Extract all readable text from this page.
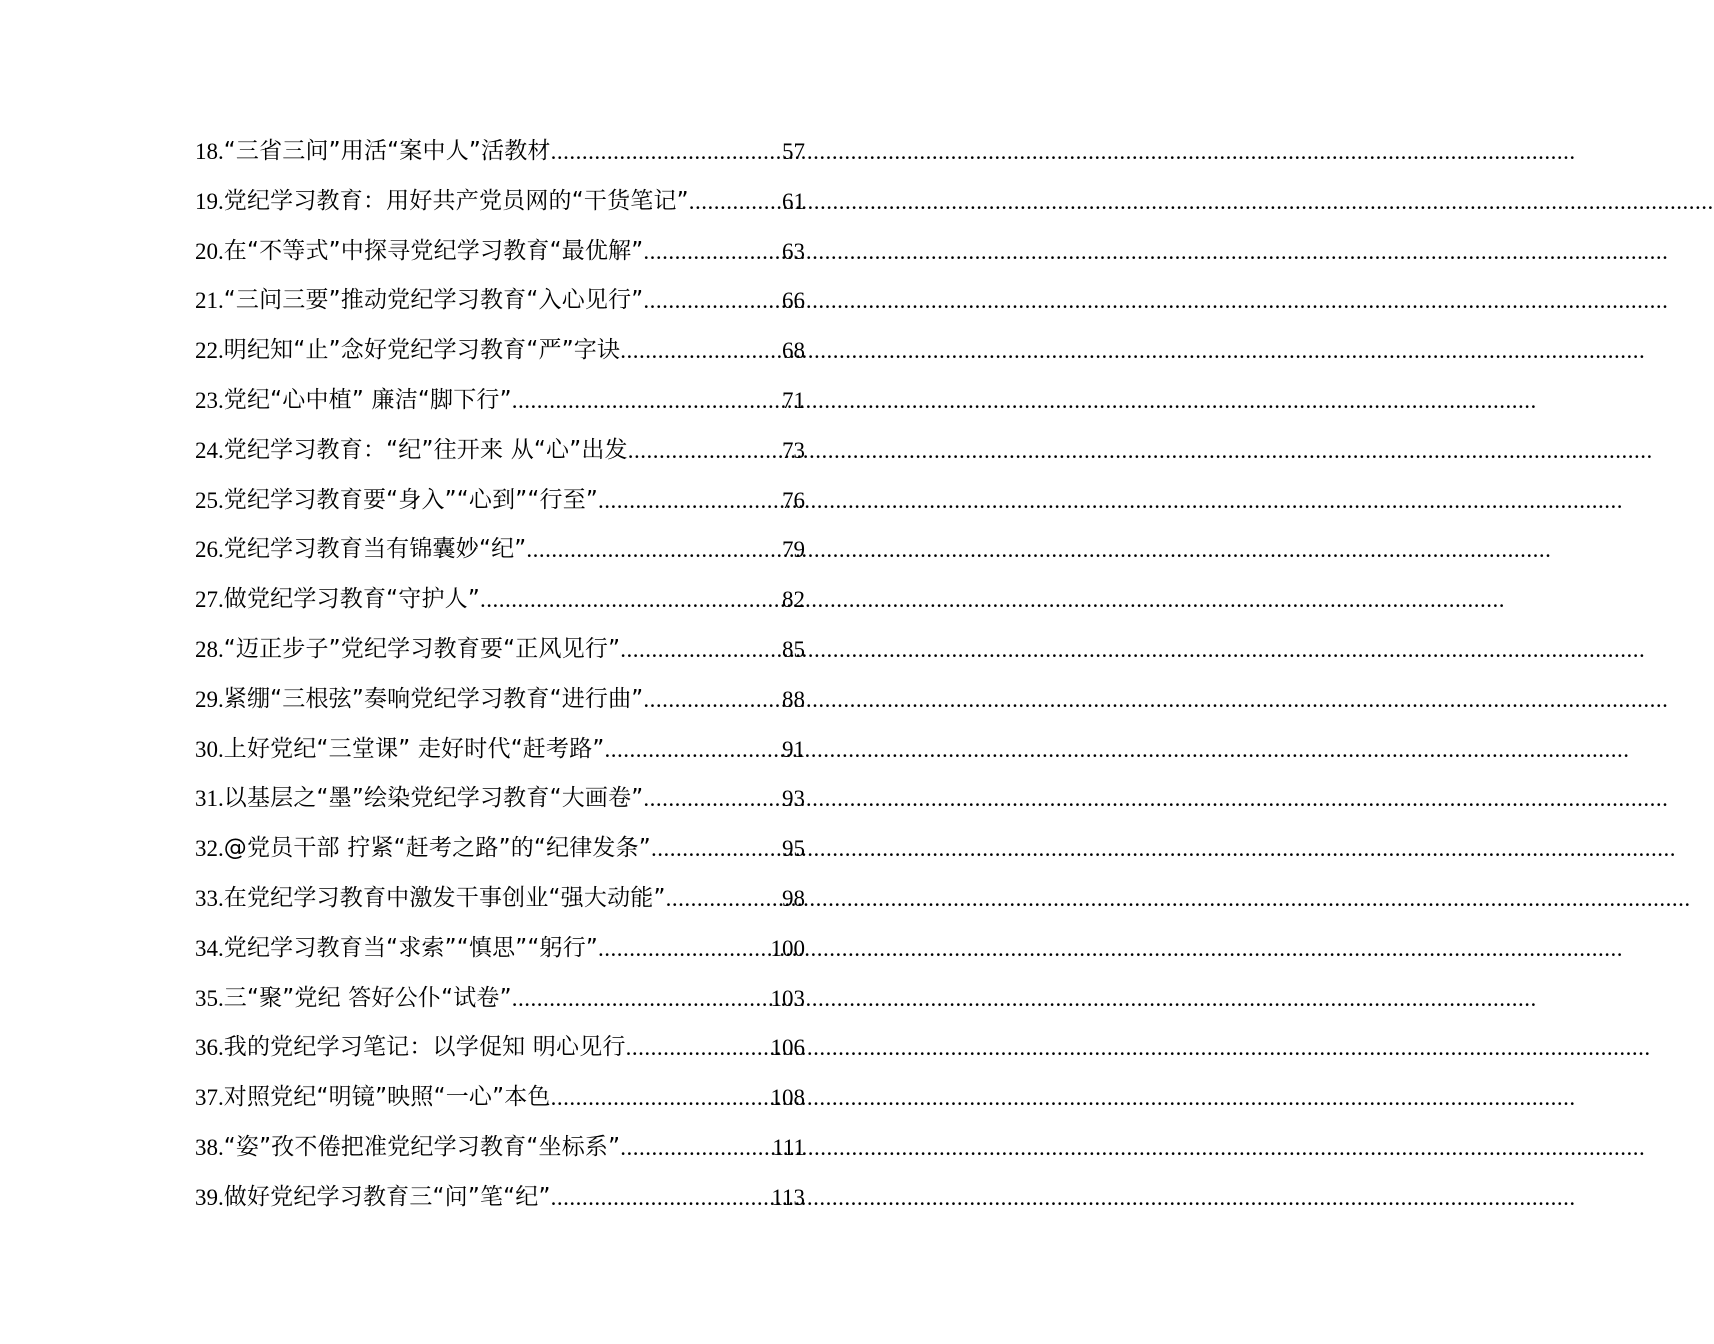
18. “三省三问”用活“案中人”活教材 .....	57
19. 党纪学习教育：用好共产党员网的“干货笔记” .....	61
20. 在“不等式”中探寻党纪学习教育“最优解” .....	63
21. “三问三要”推动党纪学习教育“入心见行” .....	66
22. 明纪知“止”念好党纪学习教育“严”字诀 .....	68
23. 党纪“心中植” 廉洁“脚下行” .....	71
24. 党纪学习教育：“纪”往开来 从“心”出发 .....	73
25. 党纪学习教育要“身入”“心到”“行至” .....	76
26. 党纪学习教育当有锦囊妙“纪” .....	79
27. 做党纪学习教育“守护人” .....	82
28. “迈正步子”党纪学习教育要“正风见行” .....	85
29. 紧绷“三根弦”奏响党纪学习教育“进行曲” .....	88
30. 上好党纪“三堂课” 走好时代“赶考路” .....	91
31. 以基层之“墨”绘染党纪学习教育“大画卷” .....	93
32. @党员干部 拧紧“赶考之路”的“纪律发条” .....	95
33. 在党纪学习教育中激发干事创业“强大动能” .....	98
34. 党纪学习教育当“求索”“慎思”“躬行” .....	100
35. 三“聚”党纪 答好公仆“试卷” .....	103
36. 我的党纪学习笔记：以学促知 明心见行 .....	106
37. 对照党纪“明镜”映照“一心”本色 .....	108
38. “姿”孜不倦把准党纪学习教育“坐标系” .....	111
39. 做好党纪学习教育三“问”笔“纪” .....	113
